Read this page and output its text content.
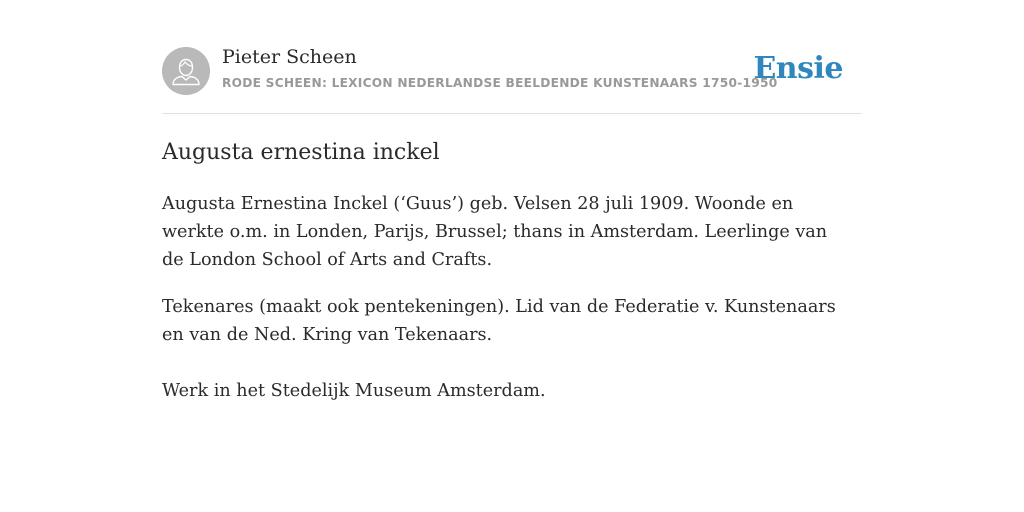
Pieter Scheen
RODE SCHEEN: LEXICON NEDERLANDSE BEELDENDE KUNSTENAARS 1750-1950
Ensie
Augusta ernestina inckel

Augusta Ernestina Inckel (‘Guus’) geb. Velsen 28 juli 1909. Woonde en werkte o.m. in Londen, Parijs, Brussel; thans in Amsterdam. Leerlinge van de London School of Arts and Crafts.

Tekenares (maakt ook pentekeningen). Lid van de Federatie v. Kunstenaars en van de Ned. Kring van Tekenaars.

Werk in het Stedelijk Museum Amsterdam.
